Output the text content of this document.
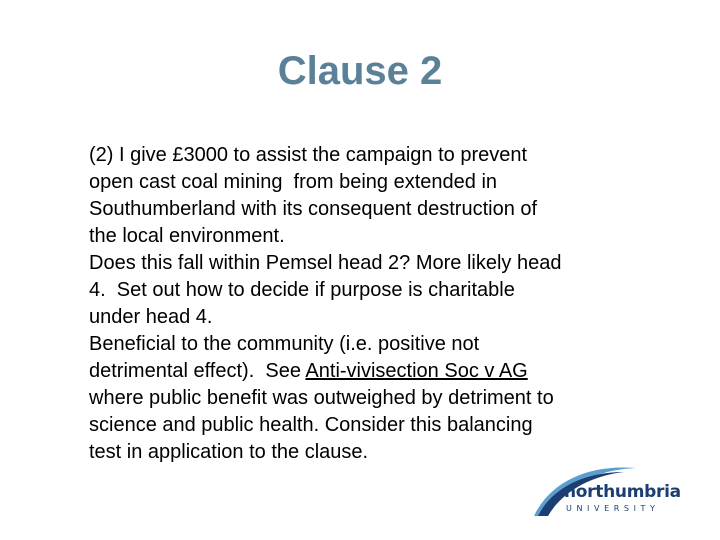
Clause 2

(2) I give £3000 to assist the campaign to prevent

open cast coal mining  from being extended in

Southumberland with its consequent destruction of

the local environment.

Does this fall within Pemsel head 2? More likely head

4.  Set out how to decide if purpose is charitable

under head 4.

Beneficial to the community (i.e. positive not

detrimental effect).  See Anti-vivisection Soc v AG

where public benefit was outweighed by detriment to

science and public health. Consider this balancing

test in application to the clause.

northumbria
UNIVERSITY
